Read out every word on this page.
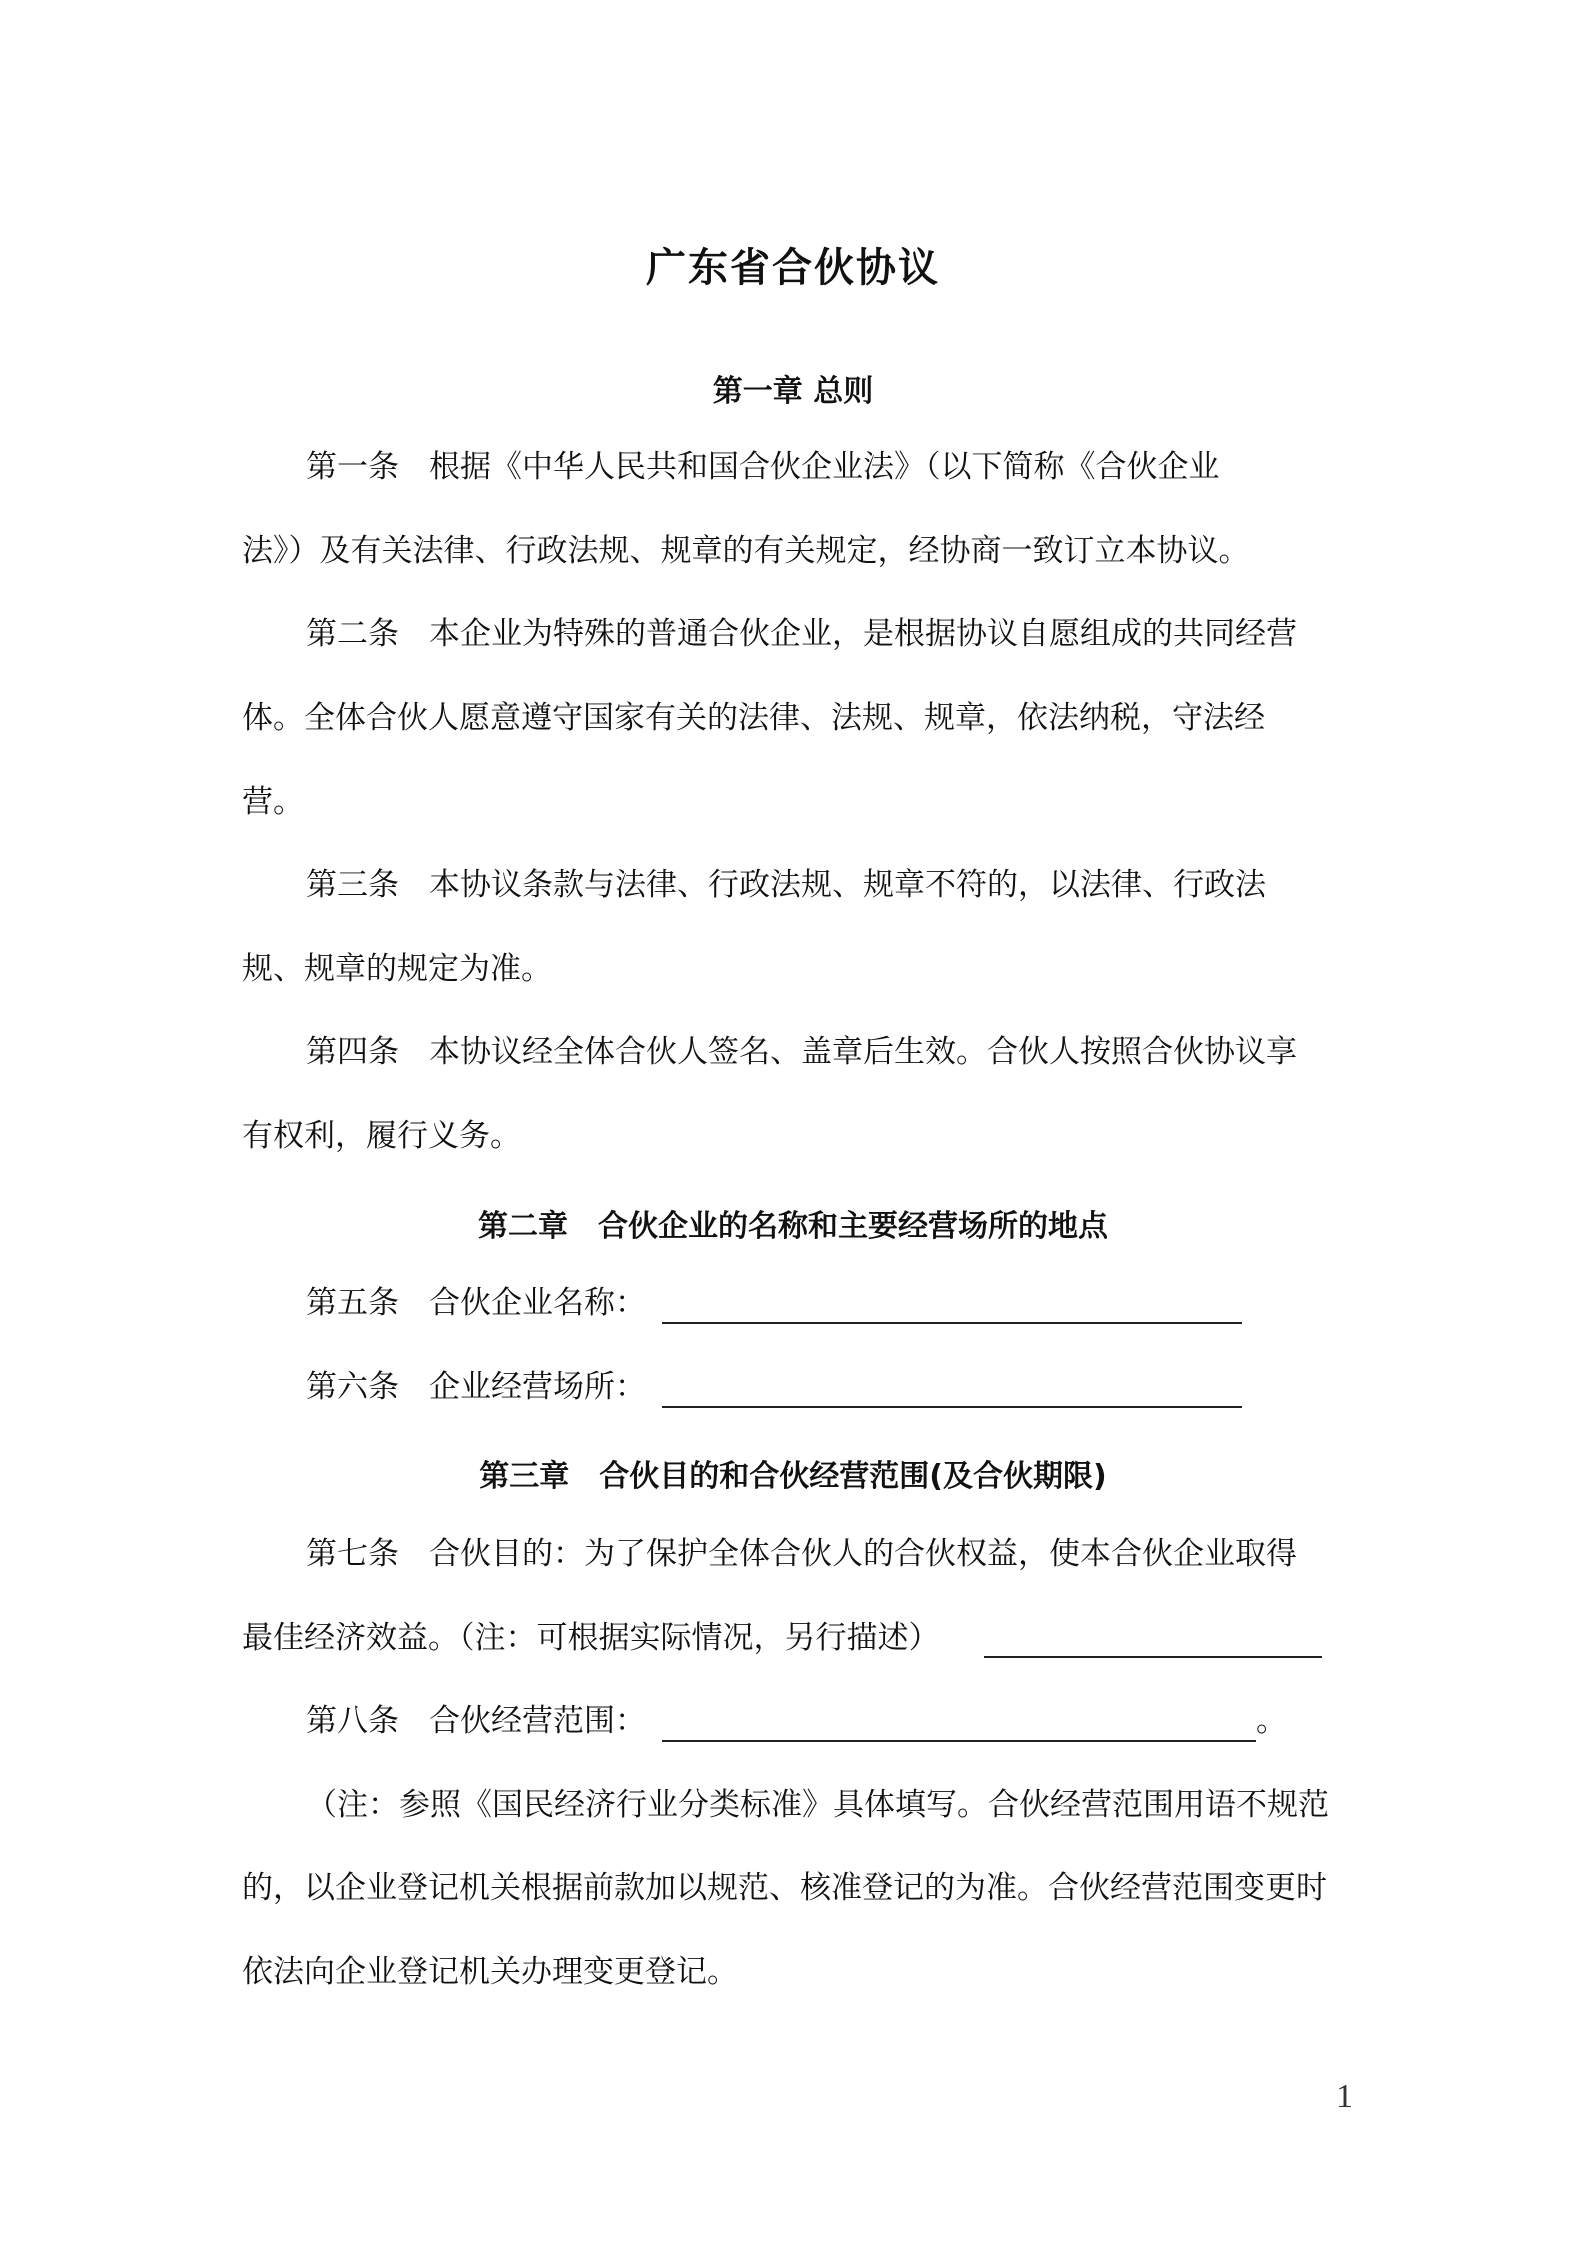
广东省合伙协议
第一章 总则
第一条 根据《中华人民共和国合伙企业法》（以下简称《合伙企业
法》）及有关法律、行政法规、规章的有关规定，经协商一致订立本协议。
第二条 本企业为特殊的普通合伙企业，是根据协议自愿组成的共同经营
体。全体合伙人愿意遵守国家有关的法律、法规、规章，依法纳税，守法经
营。
第三条 本协议条款与法律、行政法规、规章不符的，以法律、行政法
规、规章的规定为准。
第四条 本协议经全体合伙人签名、盖章后生效。合伙人按照合伙协议享
有权利，履行义务。
第二章　合伙企业的名称和主要经营场所的地点
第五条 合伙企业名称：
第六条 企业经营场所：
第三章　合伙目的和合伙经营范围(及合伙期限)
第七条 合伙目的：为了保护全体合伙人的合伙权益，使本合伙企业取得
最佳经济效益。（注：可根据实际情况，另行描述）
第八条 合伙经营范围：	。
（注：参照《国民经济行业分类标准》具体填写。合伙经营范围用语不规范
的，以企业登记机关根据前款加以规范、核准登记的为准。合伙经营范围变更时
依法向企业登记机关办理变更登记。
1
